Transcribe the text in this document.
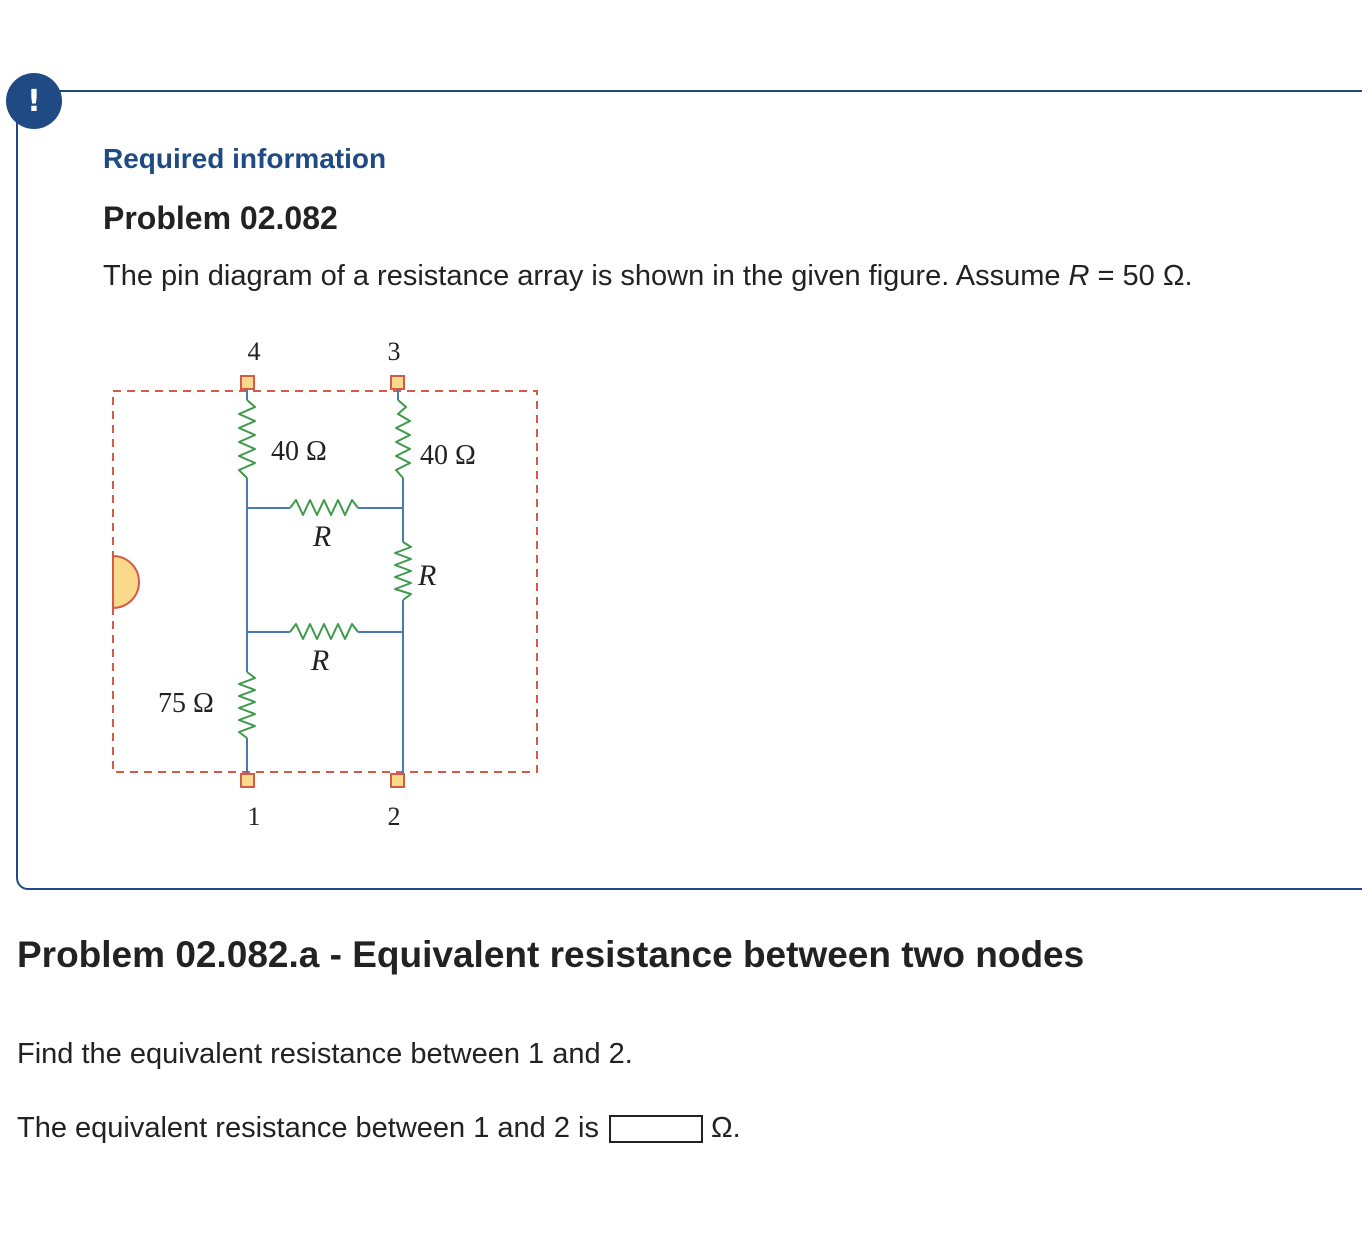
!
Required information
Problem 02.082
The pin diagram of a resistance array is shown in the given figure. Assume R = 50 Ω.
4	3
1	2
40 Ω	40 Ω
R
R
R
75 Ω
Problem 02.082.a - Equivalent resistance between two nodes
Find the equivalent resistance between 1 and 2.
The equivalent resistance between 1 and 2 is	Ω.
